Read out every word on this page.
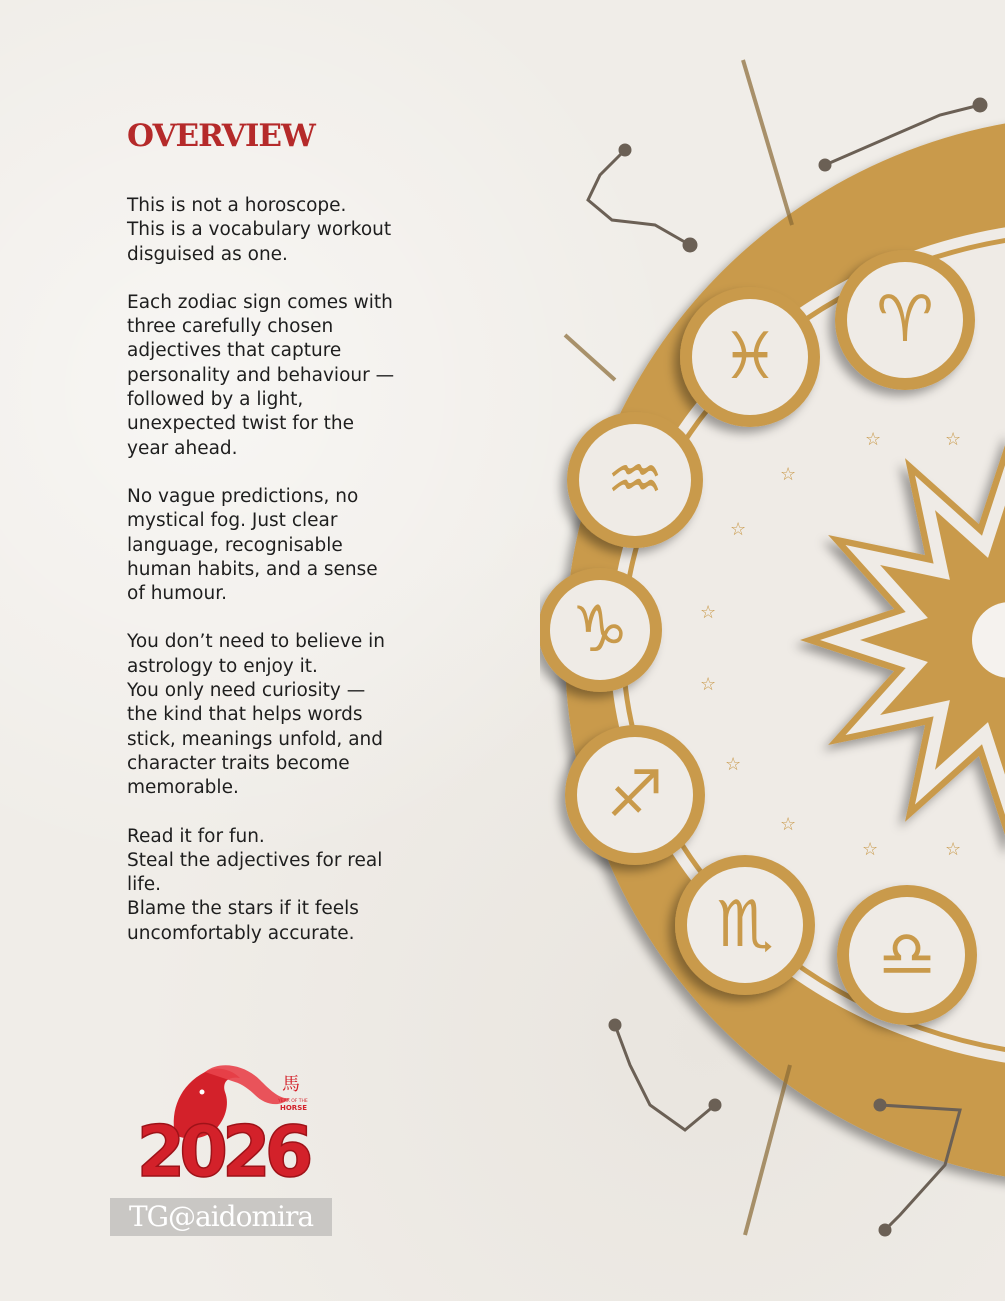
OVERVIEW

This is not a horoscope.
This is a vocabulary workout
disguised as one.

Each zodiac sign comes with
three carefully chosen
adjectives that capture
personality and behaviour —
followed by a light,
unexpected twist for the
year ahead.

No vague predictions, no
mystical fog. Just clear
language, recognisable
human habits, and a sense
of humour.

You don’t need to believe in
astrology to enjoy it.
You only need curiosity —
the kind that helps words
stick, meanings unfold, and
character traits become
memorable.

Read it for fun.
Steal the adjectives for real
life.
Blame the stars if it feels
uncomfortably accurate.

♓ ♈
♒
♑
♐
♏ ♎
☆	☆
☆
☆
☆
☆
☆
☆
☆	☆
馬
YEAR OF THE
HORSE
2026
TG@aidomira
